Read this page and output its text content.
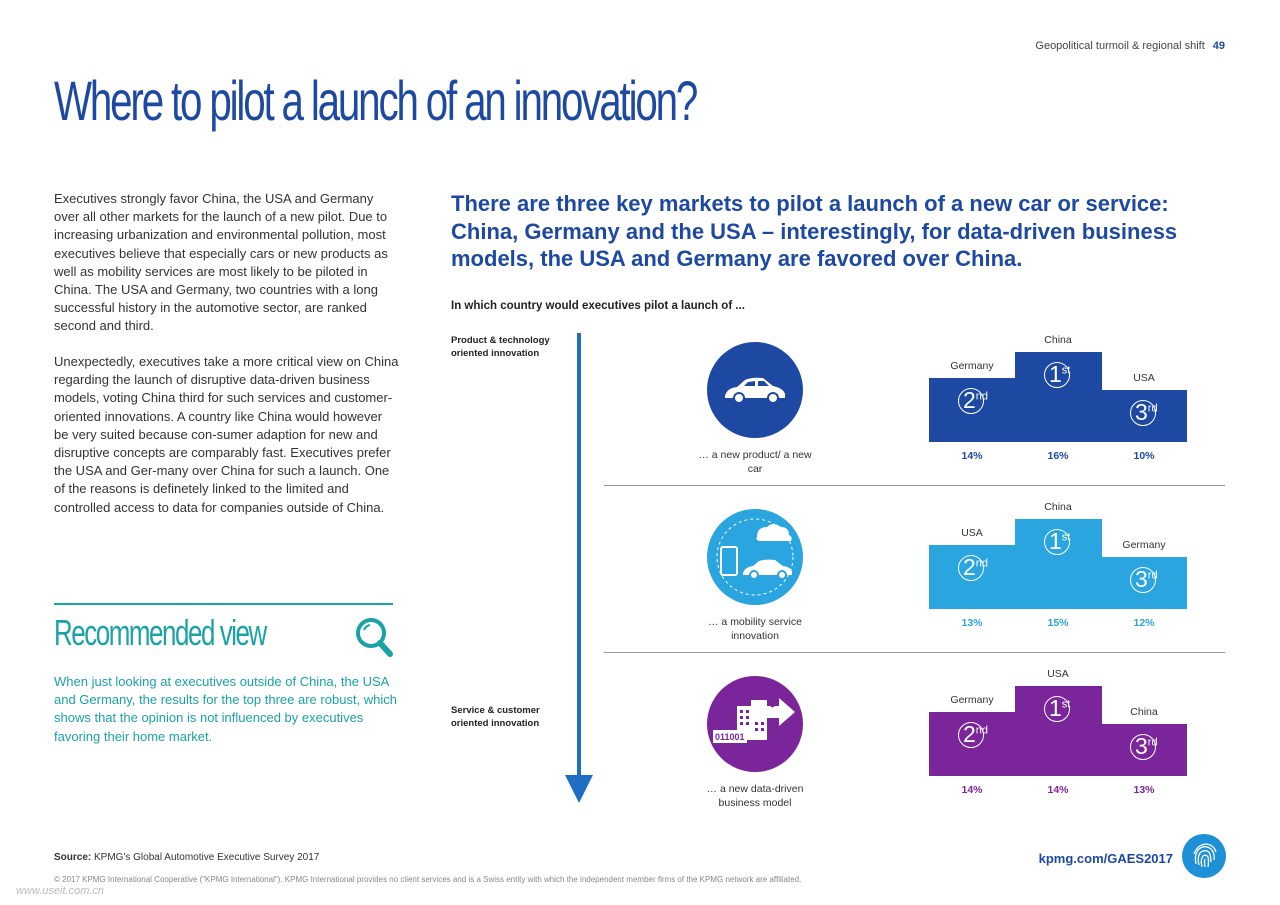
Geopolitical turmoil & regional shift 49
Where to pilot a launch of an innovation?
Executives strongly favor China, the USA and Germany over all other markets for the launch of a new pilot. Due to increasing urbanization and environmental pollution, most executives believe that especially cars or new products as well as mobility services are most likely to be piloted in China. The USA and Germany, two countries with a long successful history in the automotive sector, are ranked second and third.
Unexpectedly, executives take a more critical view on China regarding the launch of disruptive data-driven business models, voting China third for such services and customer-oriented innovations. A country like China would however be very suited because con-sumer adaption for new and disruptive concepts are comparably fast. Executives prefer the USA and Ger-many over China for such a launch. One of the reasons is definetely linked to the limited and controlled access to data for companies outside of China.
Recommended view
When just looking at executives outside of China, the USA and Germany, the results for the top three are robust, which shows that the opinion is not influenced by executives favoring their home market.
There are three key markets to pilot a launch of a new car or service: China, Germany and the USA – interestingly, for data-driven business models, the USA and Germany are favored over China.
In which country would executives pilot a launch of ...
Product & technology oriented innovation
Service & customer oriented innovation
$
011001
… a new product/ a new car
… a mobility service innovation
… a new data-driven business model
2nd
Germany
14%
1st
China
16%
3rd
USA
10%
2nd
USA
13%
1st
China
15%
3rd
Germany
12%
2nd
Germany
14%
1st
USA
14%
3rd
China
13%
Source: KPMG's Global Automotive Executive Survey 2017
© 2017 KPMG International Cooperative ("KPMG International"). KPMG International provides no client services and is a Swiss entity with which the independent member firms of the KPMG network are affiliated.
kpmg.com/GAES2017
www.useit.com.cn
